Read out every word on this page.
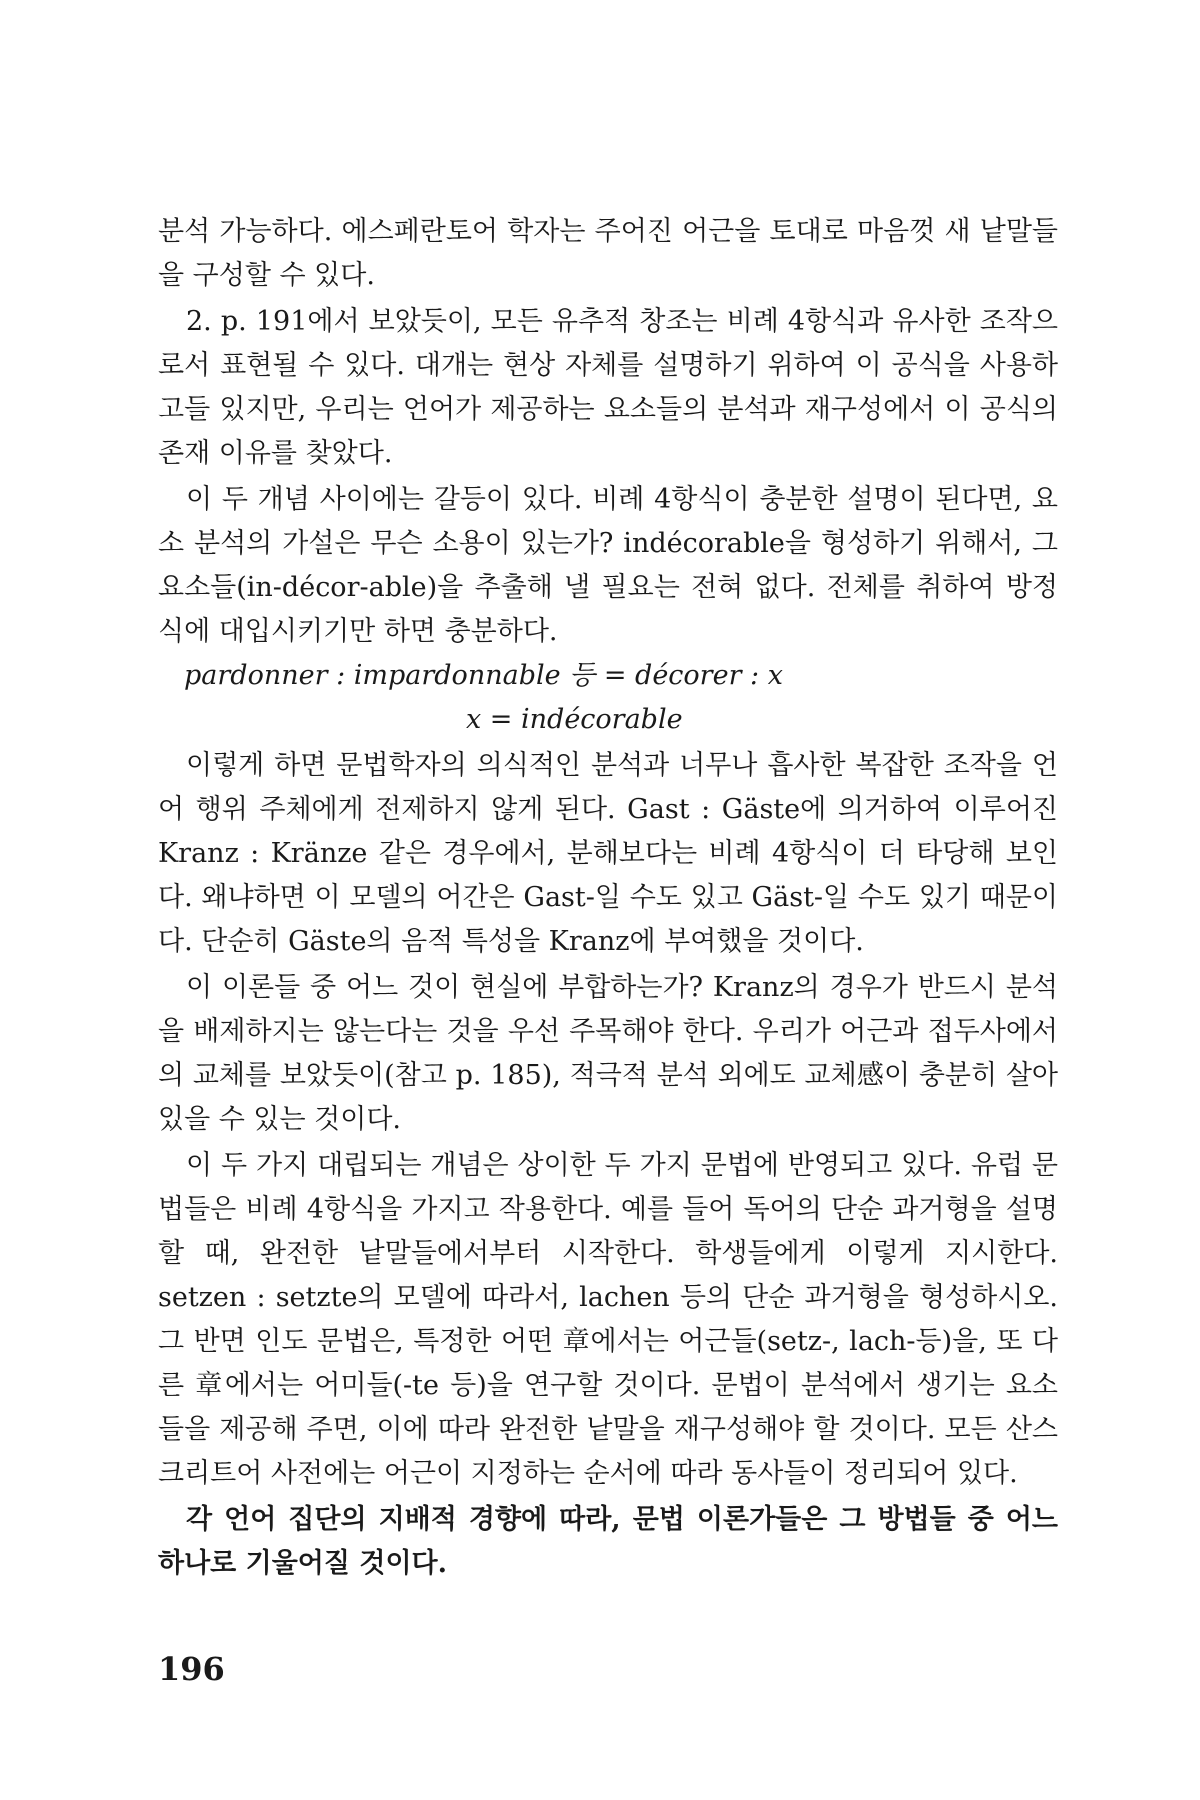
분석 가능하다. 에스페란토어 학자는 주어진 어근을 토대로 마음껏 새 낱말들을 구성할 수 있다.

2. p. 191에서 보았듯이, 모든 유추적 창조는 비례 4항식과 유사한 조작으로서 표현될 수 있다. 대개는 현상 자체를 설명하기 위하여 이 공식을 사용하고들 있지만, 우리는 언어가 제공하는 요소들의 분석과 재구성에서 이 공식의 존재 이유를 찾았다.

이 두 개념 사이에는 갈등이 있다. 비례 4항식이 충분한 설명이 된다면, 요소 분석의 가설은 무슨 소용이 있는가? indécorable을 형성하기 위해서, 그 요소들(in-décor-able)을 추출해 낼 필요는 전혀 없다. 전체를 취하여 방정식에 대입시키기만 하면 충분하다.

pardonner : impardonnable 등 = décorer : x

x = indécorable

이렇게 하면 문법학자의 의식적인 분석과 너무나 흡사한 복잡한 조작을 언어 행위 주체에게 전제하지 않게 된다. Gast : Gäste에 의거하여 이루어진 Kranz : Kränze 같은 경우에서, 분해보다는 비례 4항식이 더 타당해 보인다. 왜냐하면 이 모델의 어간은 Gast-일 수도 있고 Gäst-일 수도 있기 때문이다. 단순히 Gäste의 음적 특성을 Kranz에 부여했을 것이다.

이 이론들 중 어느 것이 현실에 부합하는가? Kranz의 경우가 반드시 분석을 배제하지는 않는다는 것을 우선 주목해야 한다. 우리가 어근과 접두사에서의 교체를 보았듯이(참고 p. 185), 적극적 분석 외에도 교체感이 충분히 살아 있을 수 있는 것이다.

이 두 가지 대립되는 개념은 상이한 두 가지 문법에 반영되고 있다. 유럽 문법들은 비례 4항식을 가지고 작용한다. 예를 들어 독어의 단순 과거형을 설명할 때, 완전한 낱말들에서부터 시작한다. 학생들에게 이렇게 지시한다. setzen : setzte의 모델에 따라서, lachen 등의 단순 과거형을 형성하시오. 그 반면 인도 문법은, 특정한 어떤 章에서는 어근들(setz-, lach-등)을, 또 다른 章에서는 어미들(-te 등)을 연구할 것이다. 문법이 분석에서 생기는 요소들을 제공해 주면, 이에 따라 완전한 낱말을 재구성해야 할 것이다. 모든 산스크리트어 사전에는 어근이 지정하는 순서에 따라 동사들이 정리되어 있다.

각 언어 집단의 지배적 경향에 따라, 문법 이론가들은 그 방법들 중 어느 하나로 기울어질 것이다.

196
